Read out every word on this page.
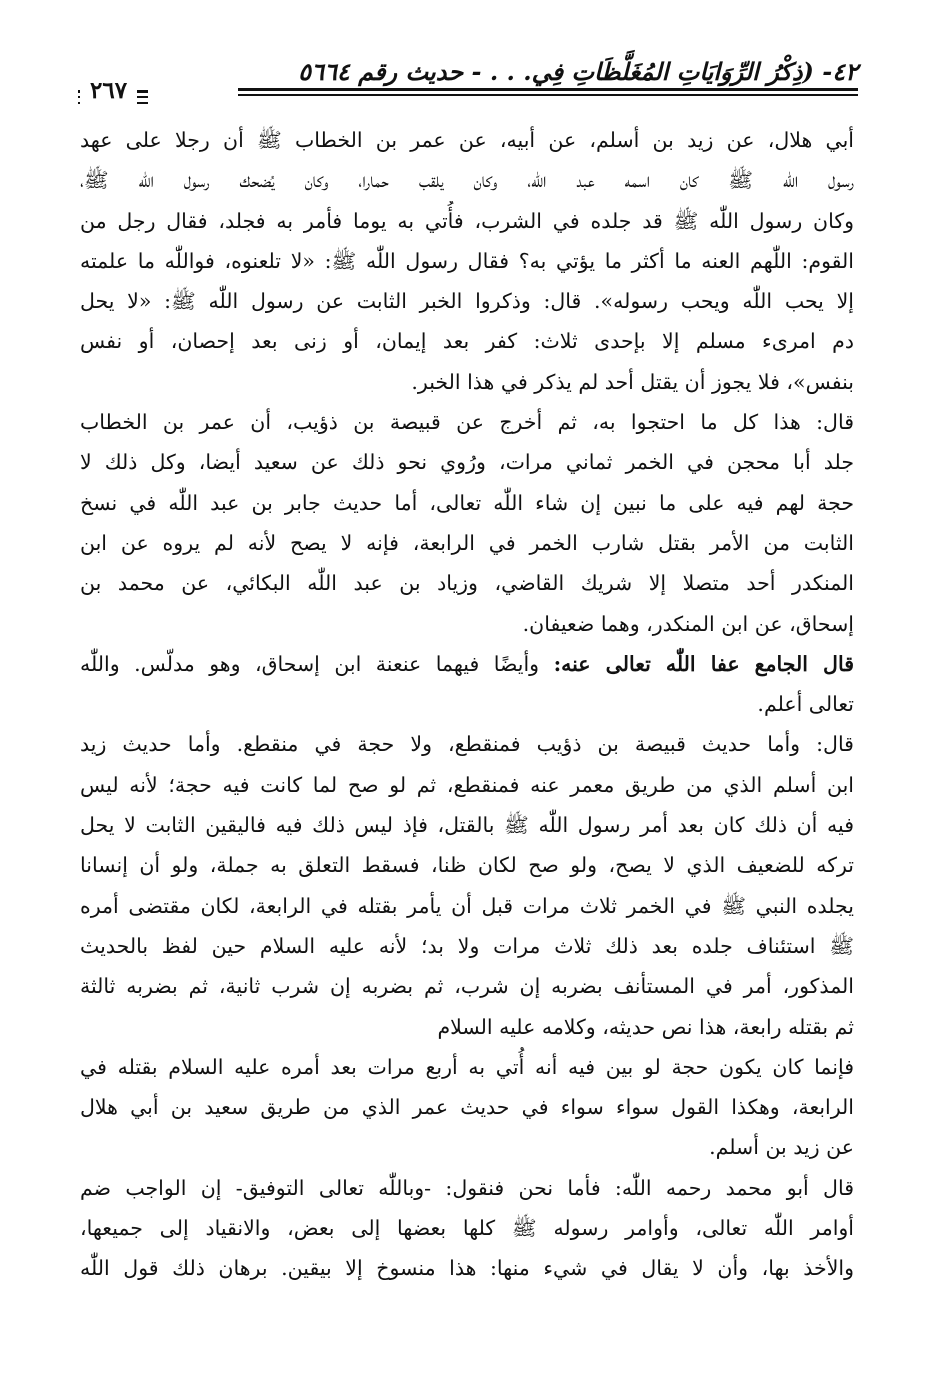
٤٢- (ذِكْرُ الرِّوَايَاتِ المُغَلَّظَاتِ فِي. . . - حديث رقم ٥٦٦٤
٢٦٧
أبي هلال، عن زيد بن أسلم، عن أبيه، عن عمر بن الخطاب ﷺ أن رجلا على عهد
رسول اللّٰه ﷺ كان اسمه عبد اللّٰه، وكان يلقب حمارا، وكان يُضحك رسول اللّٰه ﷺ،
وكان رسول اللّٰه ﷺ قد جلده في الشرب، فأُتي به يوما فأمر به فجلد، فقال رجل من
القوم: اللّٰهم العنه ما أكثر ما يؤتي به؟ فقال رسول اللّٰه ﷺ: «لا تلعنوه، فواللّٰه ما علمته
إلا يحب اللّٰه ويحب رسوله». قال: وذكروا الخبر الثابت عن رسول اللّٰه ﷺ: «لا يحل
دم امرىء مسلم إلا بإحدى ثلاث: كفر بعد إيمان، أو زنى بعد إحصان، أو نفس
بنفس»، فلا يجوز أن يقتل أحد لم يذكر في هذا الخبر.
قال: هذا كل ما احتجوا به، ثم أخرج عن قبيصة بن ذؤيب، أن عمر بن الخطاب
جلد أبا محجن في الخمر ثماني مرات، ورُوي نحو ذلك عن سعيد أيضا، وكل ذلك لا
حجة لهم فيه على ما نبين إن شاء اللّٰه تعالى، أما حديث جابر بن عبد اللّٰه في نسخ
الثابت من الأمر بقتل شارب الخمر في الرابعة، فإنه لا يصح لأنه لم يروه عن ابن
المنكدر أحد متصلا إلا شريك القاضي، وزياد بن عبد اللّٰه البكائي، عن محمد بن
إسحاق، عن ابن المنكدر، وهما ضعيفان.
قال الجامع عفا اللّٰه تعالى عنه: وأيضًا فيهما عنعنة ابن إسحاق، وهو مدلّس. واللّٰه
تعالى أعلم.
قال: وأما حديث قبيصة بن ذؤيب فمنقطع، ولا حجة في منقطع. وأما حديث زيد
ابن أسلم الذي من طريق معمر عنه فمنقطع، ثم لو صح لما كانت فيه حجة؛ لأنه ليس
فيه أن ذلك كان بعد أمر رسول اللّٰه ﷺ بالقتل، فإذ ليس ذلك فيه فاليقين الثابت لا يحل
تركه للضعيف الذي لا يصح، ولو صح لكان ظنا، فسقط التعلق به جملة، ولو أن إنسانا
يجلده النبي ﷺ في الخمر ثلاث مرات قبل أن يأمر بقتله في الرابعة، لكان مقتضى أمره
ﷺ استئناف جلده بعد ذلك ثلاث مرات ولا بد؛ لأنه عليه السلام حين لفظ بالحديث
المذكور، أمر في المستأنف بضربه إن شرب، ثم بضربه إن شرب ثانية، ثم بضربه ثالثة
ثم بقتله رابعة، هذا نص حديثه، وكلامه عليه السلام
فإنما كان يكون حجة لو بين فيه أنه أُتي به أربع مرات بعد أمره عليه السلام بقتله في
الرابعة، وهكذا القول سواء سواء في حديث عمر الذي من طريق سعيد بن أبي هلال
عن زيد بن أسلم.
قال أبو محمد رحمه اللّٰه: فأما نحن فنقول: -وباللّٰه تعالى التوفيق- إن الواجب ضم
أوامر اللّٰه تعالى، وأوامر رسوله ﷺ كلها بعضها إلى بعض، والانقياد إلى جميعها،
والأخذ بها، وأن لا يقال في شيء منها: هذا منسوخ إلا بيقين. برهان ذلك قول اللّٰه
